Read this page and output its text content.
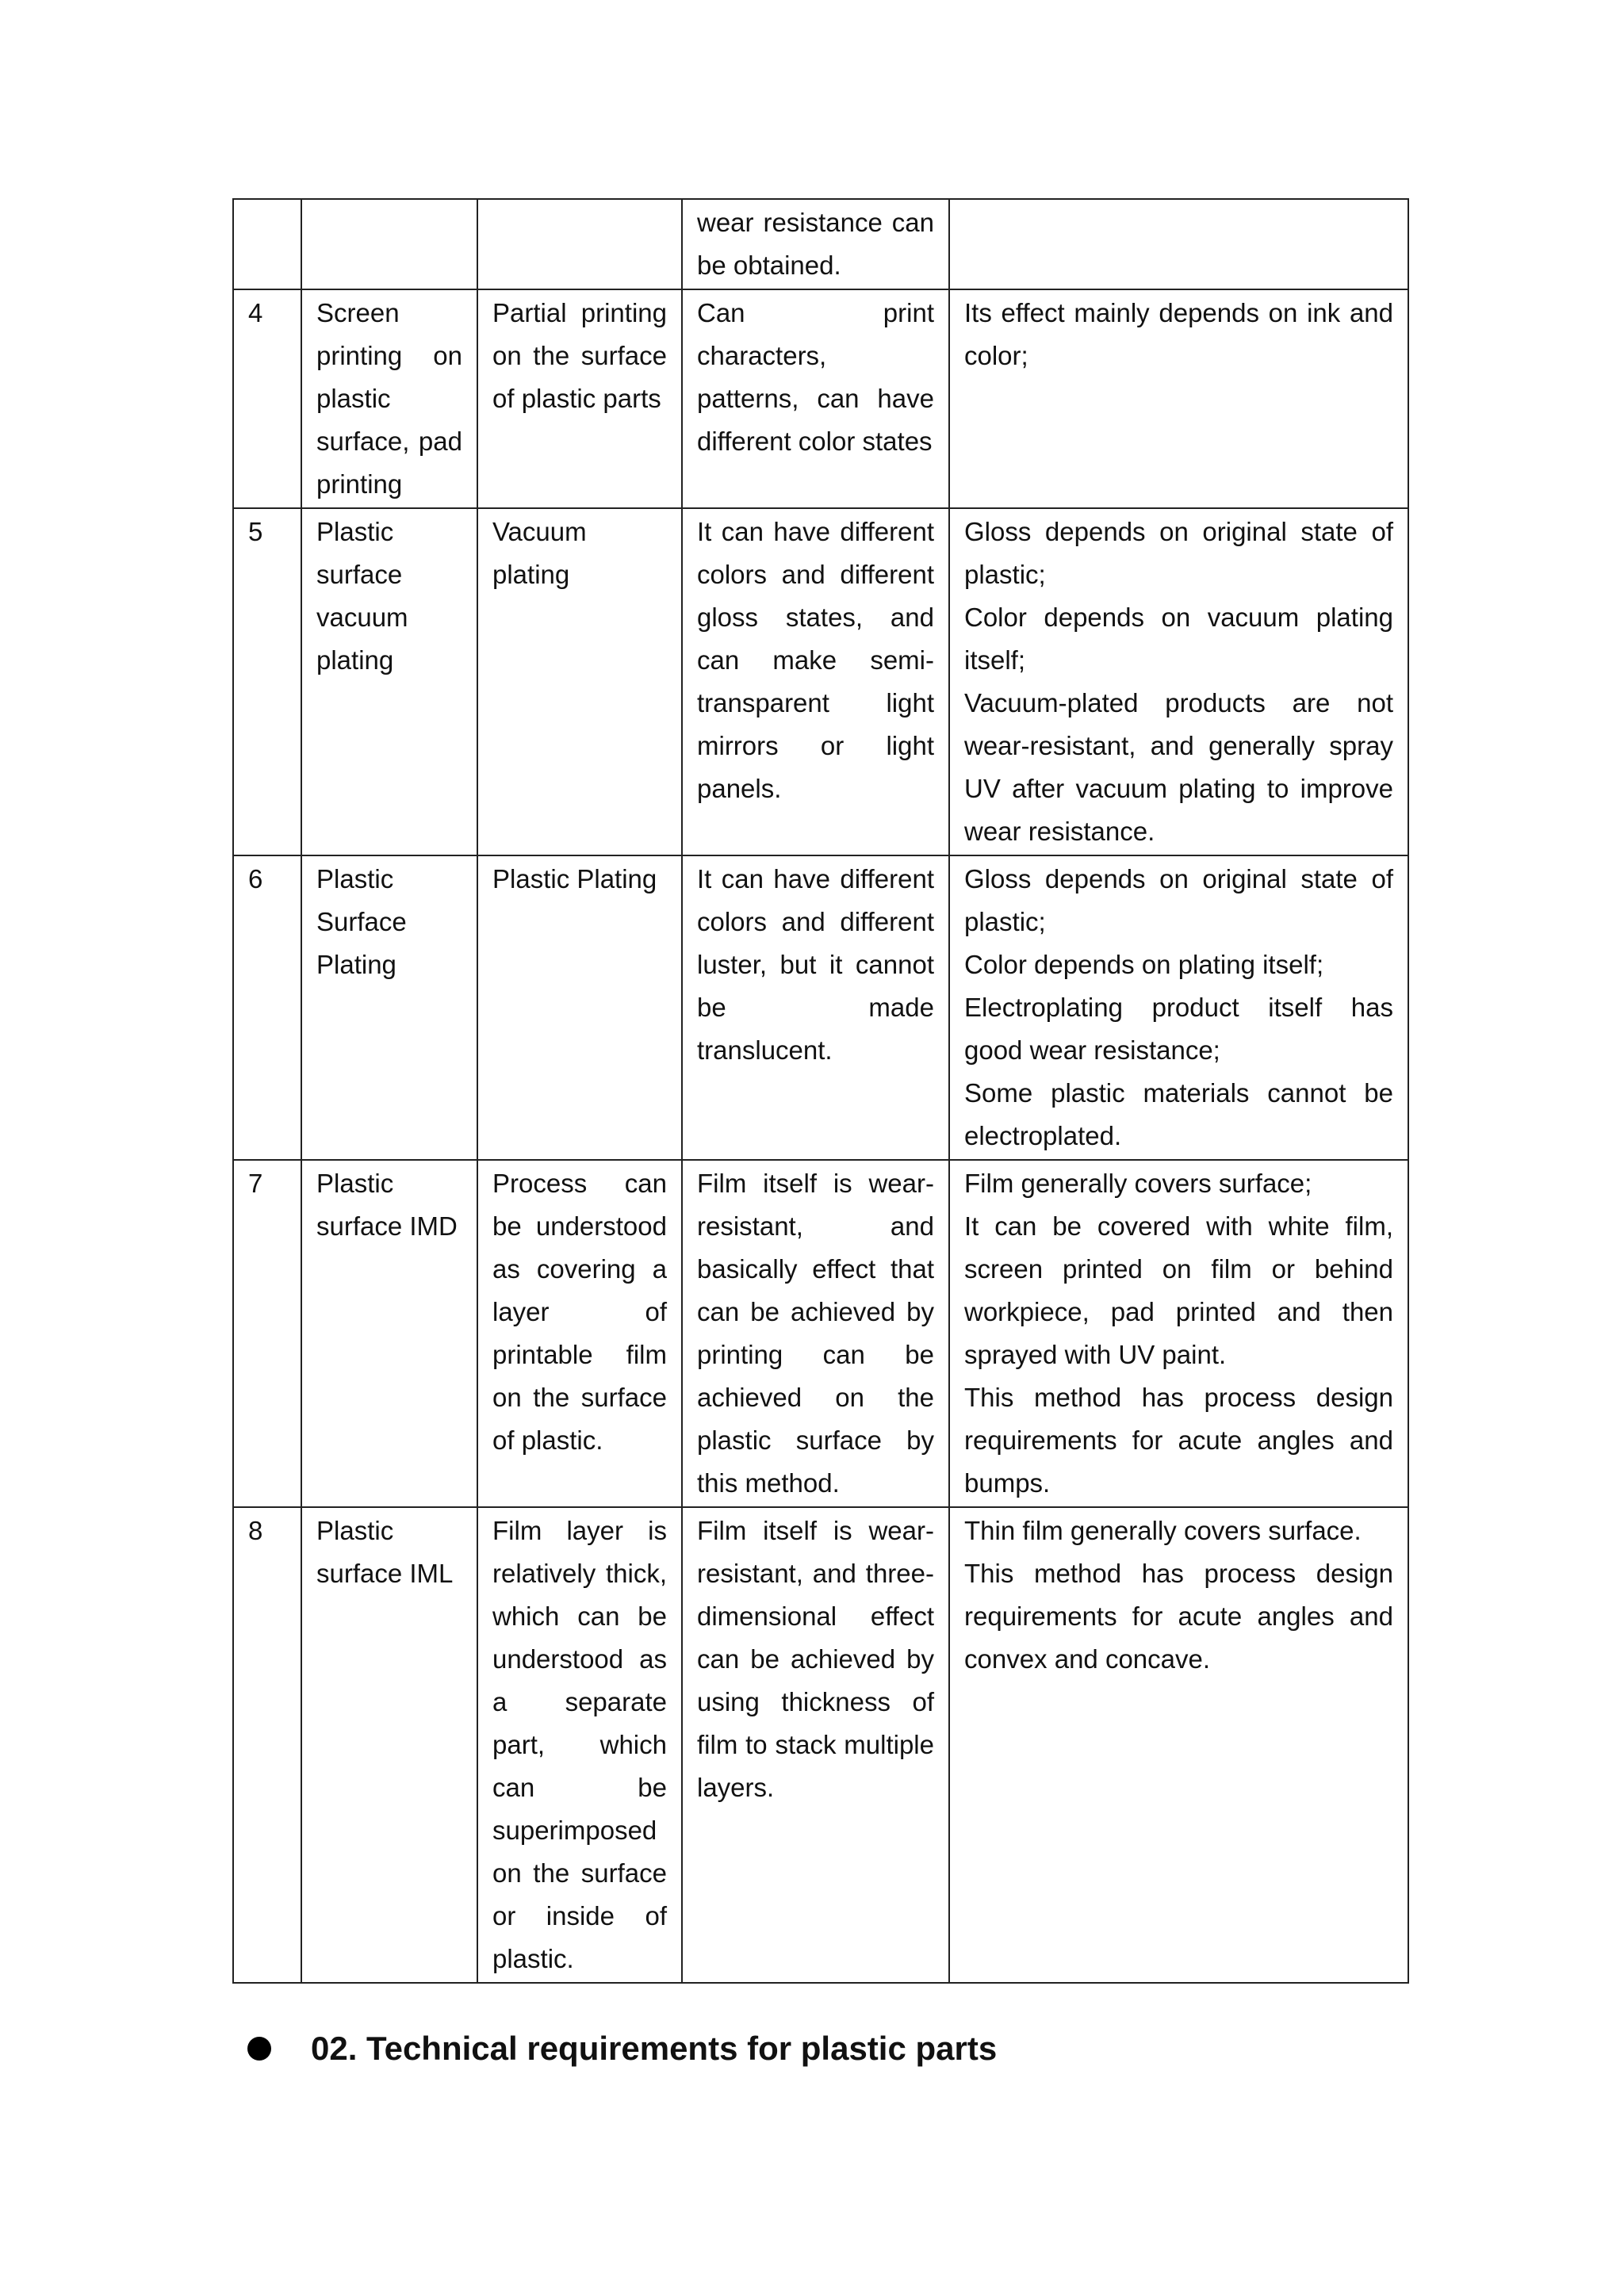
			wear resistance can be obtained.	

4	Screen printing on plastic surface, pad printing	Partial printing on the surface of plastic parts	Can print characters, patterns, can have different color states	Its effect mainly depends on ink and color;

5	Plastic surface vacuum plating	Vacuum plating	It can have different colors and different gloss states, and can make semi-transparent light mirrors or light panels.	Gloss depends on original state of plastic;
Color depends on vacuum plating itself;
Vacuum-plated products are not wear-resistant, and generally spray UV after vacuum plating to improve wear resistance.

6	Plastic Surface Plating	Plastic Plating	It can have different colors and different luster, but it cannot be made translucent.	Gloss depends on original state of plastic;
Color depends on plating itself;
Electroplating product itself has good wear resistance;
Some plastic materials cannot be electroplated.

7	Plastic surface IMD	Process can be understood as covering a layer of printable film on the surface of plastic.	Film itself is wear-resistant, and basically effect that can be achieved by printing can be achieved on the plastic surface by this method.	Film generally covers surface;
It can be covered with white film, screen printed on film or behind workpiece, pad printed and then sprayed with UV paint.
This method has process design requirements for acute angles and bumps.

8	Plastic surface IML	Film layer is relatively thick, which can be understood as a separate part, which can be superimposed on the surface or inside of plastic.	Film itself is wear-resistant, and three-dimensional effect can be achieved by using thickness of film to stack multiple layers.	Thin film generally covers surface.
This method has process design requirements for acute angles and convex and concave.
02. Technical requirements for plastic parts
